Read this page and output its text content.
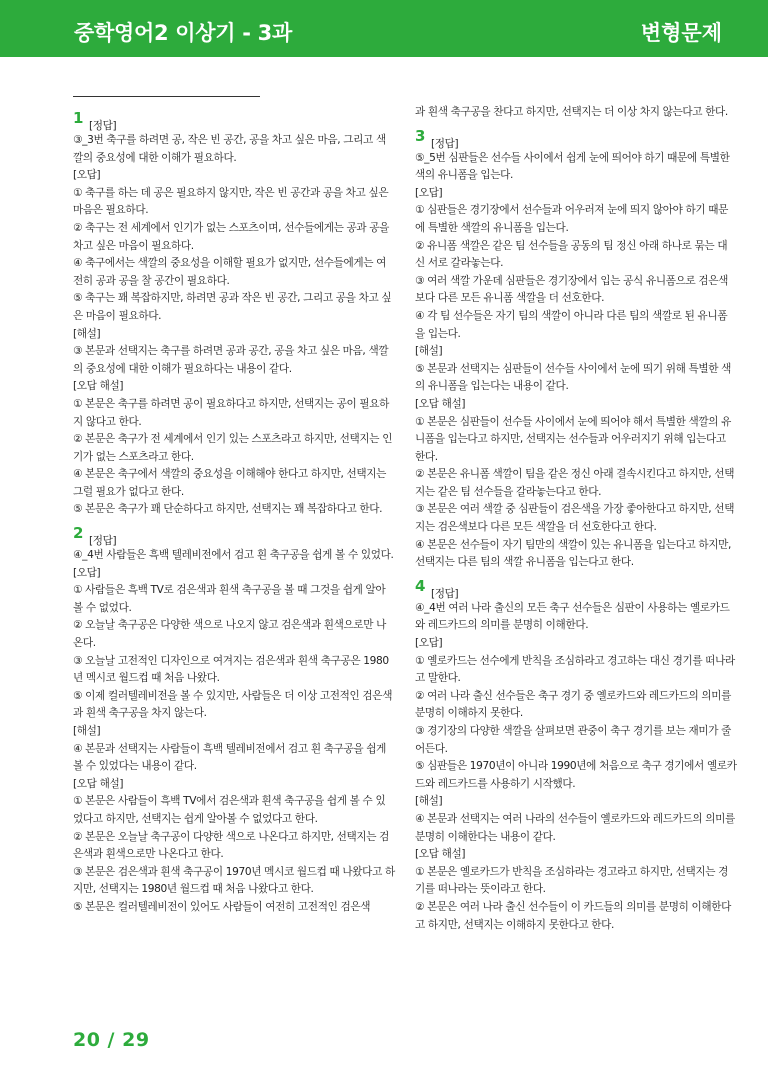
중학영어2 이상기 - 3과	변형문제
1 [정답]

③_3번 축구를 하려면 공, 작은 빈 공간, 공을 차고 싶은 마음, 그리고 색깔의 중요성에 대한 이해가 필요하다.

[오답]

① 축구를 하는 데 공은 필요하지 않지만, 작은 빈 공간과 공을 차고 싶은 마음은 필요하다.

② 축구는 전 세계에서 인기가 없는 스포츠이며, 선수들에게는 공과 공을 차고 싶은 마음이 필요하다.

④ 축구에서는 색깔의 중요성을 이해할 필요가 없지만, 선수들에게는 여전히 공과 공을 찰 공간이 필요하다.

⑤ 축구는 꽤 복잡하지만, 하려면 공과 작은 빈 공간, 그리고 공을 차고 싶은 마음이 필요하다.

[해설]

③ 본문과 선택지는 축구를 하려면 공과 공간, 공을 차고 싶은 마음, 색깔의 중요성에 대한 이해가 필요하다는 내용이 같다.

[오답 해설]

① 본문은 축구를 하려면 공이 필요하다고 하지만, 선택지는 공이 필요하지 않다고 한다.

② 본문은 축구가 전 세계에서 인기 있는 스포츠라고 하지만, 선택지는 인기가 없는 스포츠라고 한다.

④ 본문은 축구에서 색깔의 중요성을 이해해야 한다고 하지만, 선택지는 그럴 필요가 없다고 한다.

⑤ 본문은 축구가 꽤 단순하다고 하지만, 선택지는 꽤 복잡하다고 한다.

2 [정답]

④_4번 사람들은 흑백 텔레비전에서 검고 흰 축구공을 쉽게 볼 수 있었다.

[오답]

① 사람들은 흑백 TV로 검은색과 흰색 축구공을 볼 때 그것을 쉽게 알아볼 수 없었다.

② 오늘날 축구공은 다양한 색으로 나오지 않고 검은색과 흰색으로만 나온다.

③ 오늘날 고전적인 디자인으로 여겨지는 검은색과 흰색 축구공은 1980년 멕시코 월드컵 때 처음 나왔다.

⑤ 이제 컬러텔레비전을 볼 수 있지만, 사람들은 더 이상 고전적인 검은색과 흰색 축구공을 차지 않는다.

[해설]

④ 본문과 선택지는 사람들이 흑백 텔레비전에서 검고 흰 축구공을 쉽게 볼 수 있었다는 내용이 같다.

[오답 해설]

① 본문은 사람들이 흑백 TV에서 검은색과 흰색 축구공을 쉽게 볼 수 있었다고 하지만, 선택지는 쉽게 알아볼 수 없었다고 한다.

② 본문은 오늘날 축구공이 다양한 색으로 나온다고 하지만, 선택지는 검은색과 흰색으로만 나온다고 한다.

③ 본문은 검은색과 흰색 축구공이 1970년 멕시코 월드컵 때 나왔다고 하지만, 선택지는 1980년 월드컵 때 처음 나왔다고 한다.

⑤ 본문은 컬러텔레비전이 있어도 사람들이 여전히 고전적인 검은색

과 흰색 축구공을 찬다고 하지만, 선택지는 더 이상 차지 않는다고 한다.

3 [정답]

⑤_5번 심판들은 선수들 사이에서 쉽게 눈에 띄어야 하기 때문에 특별한 색의 유니폼을 입는다.

[오답]

① 심판들은 경기장에서 선수들과 어우러져 눈에 띄지 않아야 하기 때문에 특별한 색깔의 유니폼을 입는다.

② 유니폼 색깔은 같은 팀 선수들을 공동의 팀 정신 아래 하나로 묶는 대신 서로 갈라놓는다.

③ 여러 색깔 가운데 심판들은 경기장에서 입는 공식 유니폼으로 검은색보다 다른 모든 유니폼 색깔을 더 선호한다.

④ 각 팀 선수들은 자기 팀의 색깔이 아니라 다른 팀의 색깔로 된 유니폼을 입는다.

[해설]

⑤ 본문과 선택지는 심판들이 선수들 사이에서 눈에 띄기 위해 특별한 색의 유니폼을 입는다는 내용이 같다.

[오답 해설]

① 본문은 심판들이 선수들 사이에서 눈에 띄어야 해서 특별한 색깔의 유니폼을 입는다고 하지만, 선택지는 선수들과 어우러지기 위해 입는다고 한다.

② 본문은 유니폼 색깔이 팀을 같은 정신 아래 결속시킨다고 하지만, 선택지는 같은 팀 선수들을 갈라놓는다고 한다.

③ 본문은 여러 색깔 중 심판들이 검은색을 가장 좋아한다고 하지만, 선택지는 검은색보다 다른 모든 색깔을 더 선호한다고 한다.

④ 본문은 선수들이 자기 팀만의 색깔이 있는 유니폼을 입는다고 하지만, 선택지는 다른 팀의 색깔 유니폼을 입는다고 한다.

4 [정답]

④_4번 여러 나라 출신의 모든 축구 선수들은 심판이 사용하는 옐로카드와 레드카드의 의미를 분명히 이해한다.

[오답]

① 옐로카드는 선수에게 반칙을 조심하라고 경고하는 대신 경기를 떠나라고 말한다.

② 여러 나라 출신 선수들은 축구 경기 중 옐로카드와 레드카드의 의미를 분명히 이해하지 못한다.

③ 경기장의 다양한 색깔을 살펴보면 관중이 축구 경기를 보는 재미가 줄어든다.

⑤ 심판들은 1970년이 아니라 1990년에 처음으로 축구 경기에서 옐로카드와 레드카드를 사용하기 시작했다.

[해설]

④ 본문과 선택지는 여러 나라의 선수들이 옐로카드와 레드카드의 의미를 분명히 이해한다는 내용이 같다.

[오답 해설]

① 본문은 옐로카드가 반칙을 조심하라는 경고라고 하지만, 선택지는 경기를 떠나라는 뜻이라고 한다.

② 본문은 여러 나라 출신 선수들이 이 카드들의 의미를 분명히 이해한다고 하지만, 선택지는 이해하지 못한다고 한다.

20 / 29
